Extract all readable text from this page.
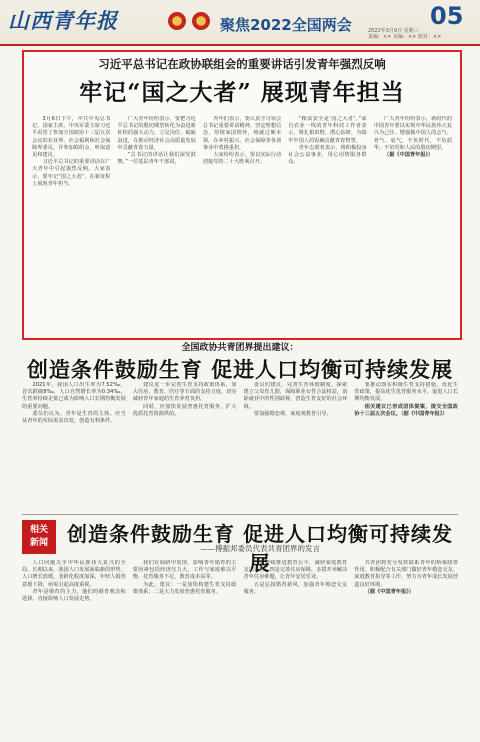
山西青年报	聚焦2022全国两会	05
2022年3月9日 星期三
责编：×× 美编：×× 校对：××
习近平总书记在政协联组会的重要讲话引发青年强烈反响
牢记“国之大者” 展现青年担当

3月6日下午，中共中央总书记、国家主席、中央军委主席习近平看望了参加全国政协十三届五次会议的农业界、社会福利和社会保障界委员，并参加联组会，听取意见和建议。

习近平总书记的重要讲话在广大青年中引起强烈反响。大家表示，要牢记“国之大者”，在新征程上展现青年担当。

广大青年纷纷表示，要把习近平总书记的殷切期望转化为奋进新征程的强大动力，立足岗位、砥砺奋进，在推动经济社会高质量发展中贡献青春力量。

“总书记的讲话让我们深受鼓舞。”一位基层青年干部说。

青年们表示，要认真学习领会总书记重要讲话精神，坚定理想信念，厚植家国情怀，练就过硬本领，在乡村振兴、社会保障等各项事业中勇挑重担。

大家纷纷表示，要以实际行动迎接党的二十大胜利召开。

“粮食安全是‘国之大者’。”来自农业一线的青年科技工作者表示，将扎根田野，潜心钻研，为端牢中国人的饭碗贡献青春智慧。

青年志愿者表示，将积极投身社会公益事业，用心用情服务群众。

广大青年纷纷表示，新时代的中国青年要以实现中华民族伟大复兴为己任，增强做中国人的志气、骨气、底气，不负时代，不负韶华，不负党和人民的殷切期望。

（据《中国青年报》）

全国政协共青团界提出建议：
创造条件鼓励生育 促进人口均衡可持续发展

2021年，我国人口出生率为7.52‰，首次跌破8‰，人口自然增长率为0.34‰。生育率持续走低已成为影响人口长期均衡发展的重要问题。

委员们认为，青年是生育的主体，应当从青年的实际需求出发，创造有利条件。

建议进一步完善生育支持政策体系，加大住房、教育、医疗等方面的支持力度，切实减轻青年家庭的生育养育负担。

同时，应加快发展普惠托育服务，扩大优质托育资源供给。

委员们建议，完善生育休假制度，探索建立父母育儿假，保障职业女性合法权益，消除就业中的性别歧视，营造生育友好的社会环境。

要加强婚恋观、家庭观教育引导。

要推动落实积极生育支持措施，优化生育政策，提高优生优育服务水平，促进人口长期均衡发展。

相关建议已形成团体提案，提交全国政协十三届五次会议。（据《中国青年报》）

相关
新闻 创造条件鼓励生育 促进人口均衡可持续发展
——傅振邦委员代表共青团界的发言

人口问题关乎中华民族伟大复兴的全局。长期以来，我国人口发展面临新的形势，人口增长放缓，老龄化程度加深，年轻人婚育意愿下降，亟需引起高度重视。

青年是婚育的主力，他们的婚育观念和选择，直接影响人口发展走势。

我们在调研中发现，影响青年婚育的主要因素包括经济压力大、工作与家庭难以平衡、托育服务不足、教育成本高等。

为此，建议：一是加快构建生育支持政策体系；二是大力发展普惠托育服务。

三是持续推进教育公平，减轻家庭教育支出负担；四是完善住房保障，多措并举解决青年住房难题，让青年安居乐业。

五是弘扬婚育新风，加强青年婚恋交友服务。

共青团将充分发挥联系青年的桥梁纽带作用，积极配合有关部门做好青年婚恋交友、家庭教育指导等工作，努力为青年成长发展营造良好环境。

（据《中国青年报》）
